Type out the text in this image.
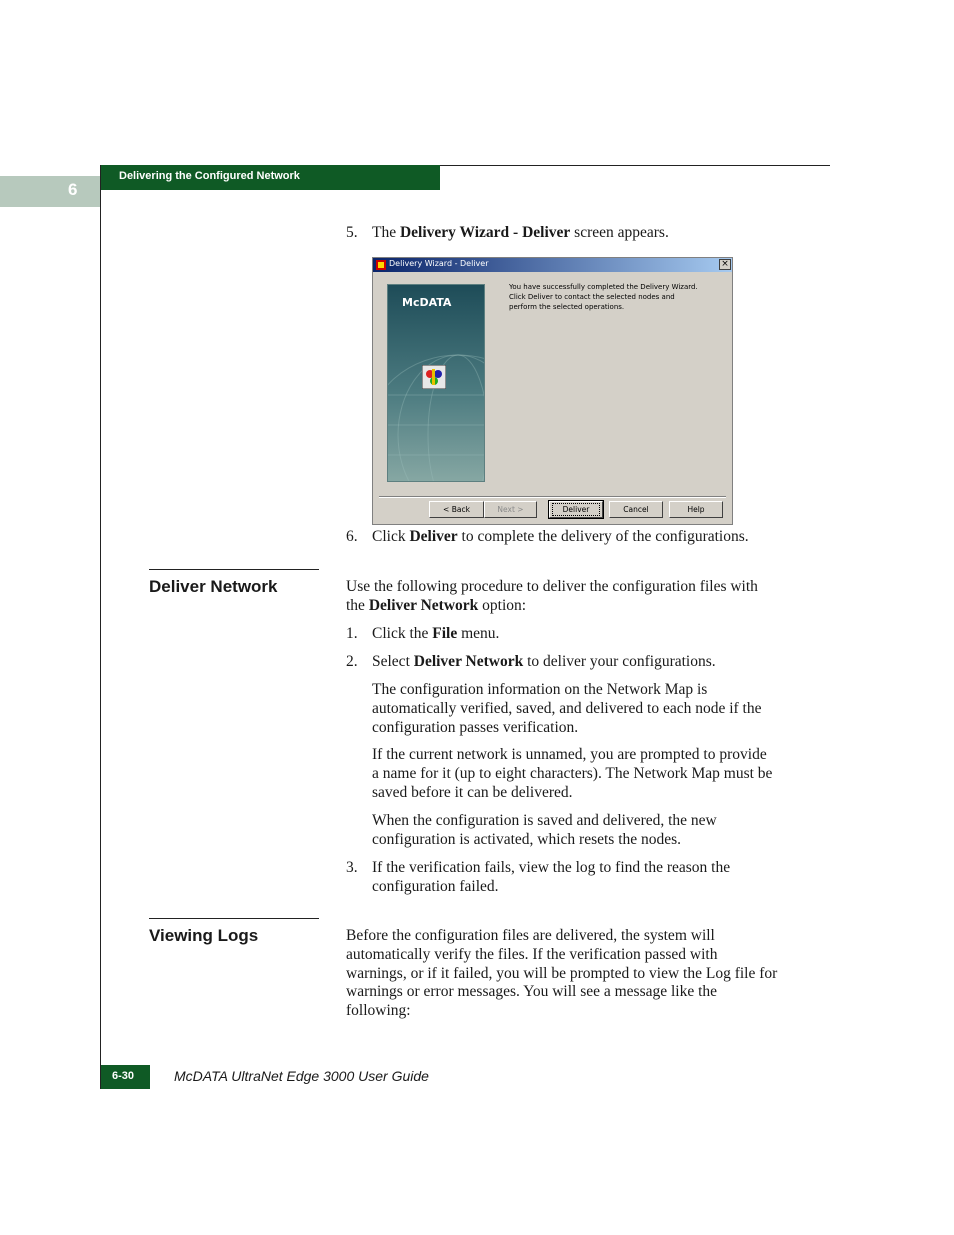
6
Delivering the Configured Network
5. The Delivery Wizard - Deliver screen appears.

Delivery Wizard - Deliver	×
McDATA
You have successfully completed the Delivery Wizard.
Click Deliver to contact the selected nodes and
perform the selected operations.
< Back	Next >	Deliver	Cancel	Help
6. Click Deliver to complete the delivery of the configurations.

Deliver Network	Use the following procedure to deliver the configuration files with

the Deliver Network option:

1. Click the File menu.

2. Select Deliver Network to deliver your configurations.

The configuration information on the Network Map is
automatically verified, saved, and delivered to each node if the
configuration passes verification.

If the current network is unnamed, you are prompted to provide
a name for it (up to eight characters). The Network Map must be
saved before it can be delivered.

When the configuration is saved and delivered, the new
configuration is activated, which resets the nodes.

3. If the verification fails, view the log to find the reason the
configuration failed.

Viewing Logs	Before the configuration files are delivered, the system will
automatically verify the files. If the verification passed with
warnings, or if it failed, you will be prompted to view the Log file for
warnings or error messages. You will see a message like the
following:

6-30	McDATA UltraNet Edge 3000 User Guide
